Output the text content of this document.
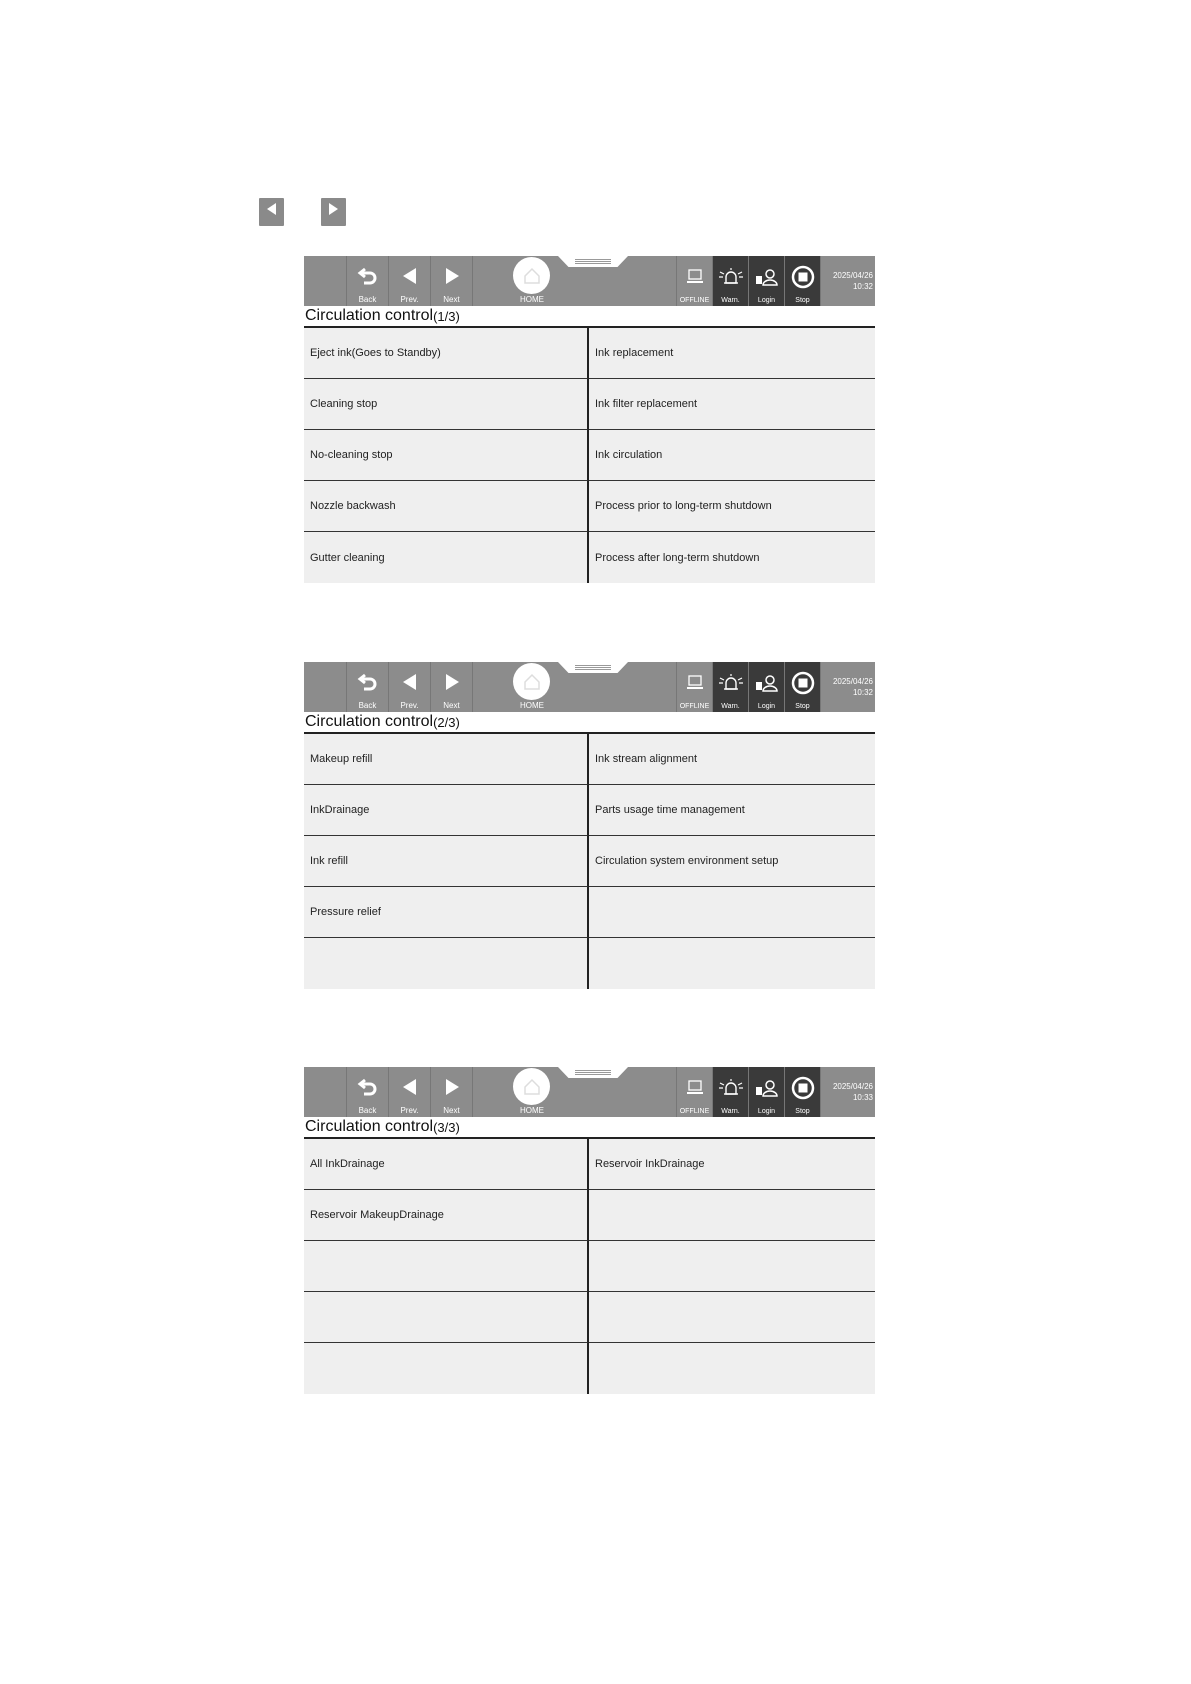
Back	Prev.	Next	HOME	OFFLINE Warn.	Login	Stop
2025/04/26
10:32
Circulation control (1/3)
Eject ink(Goes to Standby)	Ink replacement
Cleaning stop	Ink filter replacement
No-cleaning stop	Ink circulation
Nozzle backwash	Process prior to long-term shutdown
Gutter cleaning	Process after long-term shutdown
Back	Prev.	Next	HOME	OFFLINE Warn.	Login	Stop
2025/04/26
10:32
Circulation control (2/3)
Makeup refill	Ink stream alignment
InkDrainage	Parts usage time management
Ink refill	Circulation system environment setup
Pressure relief
Back	Prev.	Next	HOME	OFFLINE Warn.	Login	Stop
2025/04/26
10:33
Circulation control (3/3)
All InkDrainage	Reservoir InkDrainage
Reservoir MakeupDrainage
